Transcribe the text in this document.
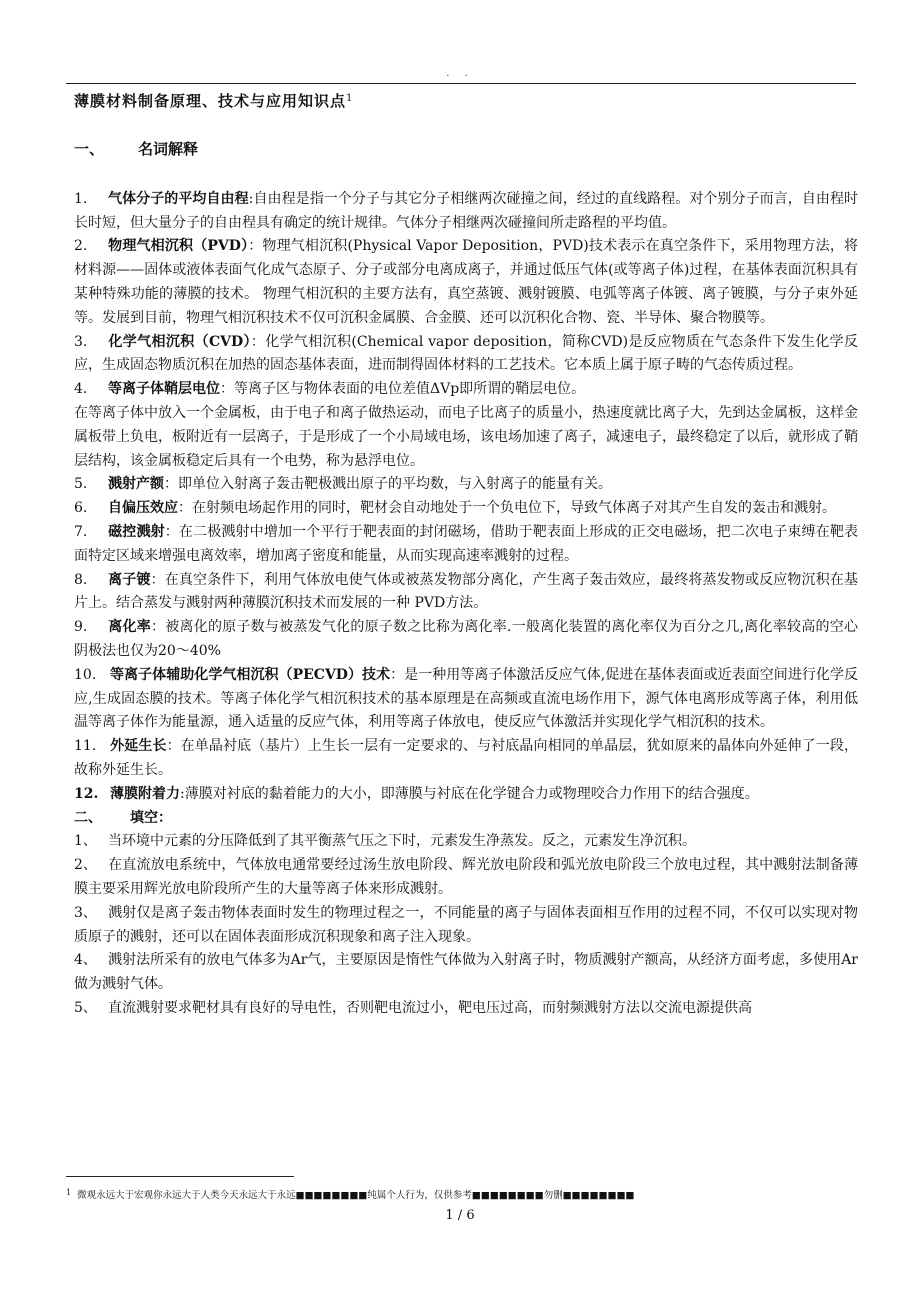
. .
薄膜材料制备原理、技术与应用知识点$^1$
一、 名词解释

1. 气体分子的平均自由程:自由程是指一个分子与其它分子相继两次碰撞之间，经过的直线路程。对个别分子而言，自由程时长时短，但大量分子的自由程具有确定的统计规律。气体分子相继两次碰撞间所走路程的平均值。

2. 物理气相沉积（PVD）：物理气相沉积(Physical Vapor Deposition，PVD)技术表示在真空条件下，采用物理方法，将材料源——固体或液体表面气化成气态原子、分子或部分电离成离子，并通过低压气体(或等离子体)过程，在基体表面沉积具有某种特殊功能的薄膜的技术。 物理气相沉积的主要方法有，真空蒸镀、溅射镀膜、电弧等离子体镀、离子镀膜，与分子束外延等。发展到目前，物理气相沉积技术不仅可沉积金属膜、合金膜、还可以沉积化合物、瓷、半导体、聚合物膜等。

3. 化学气相沉积（CVD）：化学气相沉积(Chemical vapor deposition，简称CVD)是反应物质在气态条件下发生化学反应，生成固态物质沉积在加热的固态基体表面，进而制得固体材料的工艺技术。它本质上属于原子畴的气态传质过程。

4. 等离子体鞘层电位：等离子区与物体表面的电位差值ΔVp即所谓的鞘层电位。

在等离子体中放入一个金属板，由于电子和离子做热运动，而电子比离子的质量小，热速度就比离子大，先到达金属板，这样金属板带上负电，板附近有一层离子，于是形成了一个小局域电场，该电场加速了离子，减速电子，最终稳定了以后，就形成了鞘层结构，该金属板稳定后具有一个电势，称为悬浮电位。

5. 溅射产额：即单位入射离子轰击靶极溅出原子的平均数，与入射离子的能量有关。

6. 自偏压效应：在射频电场起作用的同时，靶材会自动地处于一个负电位下，导致气体离子对其产生自发的轰击和溅射。

7. 磁控溅射：在二极溅射中增加一个平行于靶表面的封闭磁场，借助于靶表面上形成的正交电磁场，把二次电子束缚在靶表面特定区域来增强电离效率，增加离子密度和能量，从而实现高速率溅射的过程。

8. 离子镀：在真空条件下，利用气体放电使气体或被蒸发物部分离化，产生离子轰击效应，最终将蒸发物或反应物沉积在基片上。结合蒸发与溅射两种薄膜沉积技术而发展的一种 PVD方法。

9. 离化率：被离化的原子数与被蒸发气化的原子数之比称为离化率.一般离化装置的离化率仅为百分之几,离化率较高的空心阴极法也仅为20～40%

10. 等离子体辅助化学气相沉积（PECVD）技术：是一种用等离子体激活反应气体,促进在基体表面或近表面空间进行化学反应,生成固态膜的技术。等离子体化学气相沉积技术的基本原理是在高频或直流电场作用下，源气体电离形成等离子体，利用低温等离子体作为能量源，通入适量的反应气体，利用等离子体放电，使反应气体激活并实现化学气相沉积的技术。

11. 外延生长：在单晶衬底（基片）上生长一层有一定要求的、与衬底晶向相同的单晶层，犹如原来的晶体向外延伸了一段，故称外延生长。

12. 薄膜附着力:薄膜对衬底的黏着能力的大小，即薄膜与衬底在化学键合力或物理咬合力作用下的结合强度。

二、 填空：

1、 当环境中元素的分压降低到了其平衡蒸气压之下时，元素发生净蒸发。反之，元素发生净沉积。

2、 在直流放电系统中，气体放电通常要经过汤生放电阶段、辉光放电阶段和弧光放电阶段三个放电过程，其中溅射法制备薄膜主要采用辉光放电阶段所产生的大量等离子体来形成溅射。

3、 溅射仅是离子轰击物体表面时发生的物理过程之一，不同能量的离子与固体表面相互作用的过程不同，不仅可以实现对物质原子的溅射，还可以在固体表面形成沉积现象和离子注入现象。

4、 溅射法所采有的放电气体多为Ar气，主要原因是惰性气体做为入射离子时，物质溅射产额高，从经济方面考虑，多使用Ar做为溅射气体。

5、 直流溅射要求靶材具有良好的导电性，否则靶电流过小，靶电压过高，而射频溅射方法以交流电源提供高

$^1$ 微观永远大于宏观你永远大于人类今天永远大于永远■■■■■■■■纯属个人行为，仅供参考■■■■■■■■勿删■■■■■■■■
1 / 6
